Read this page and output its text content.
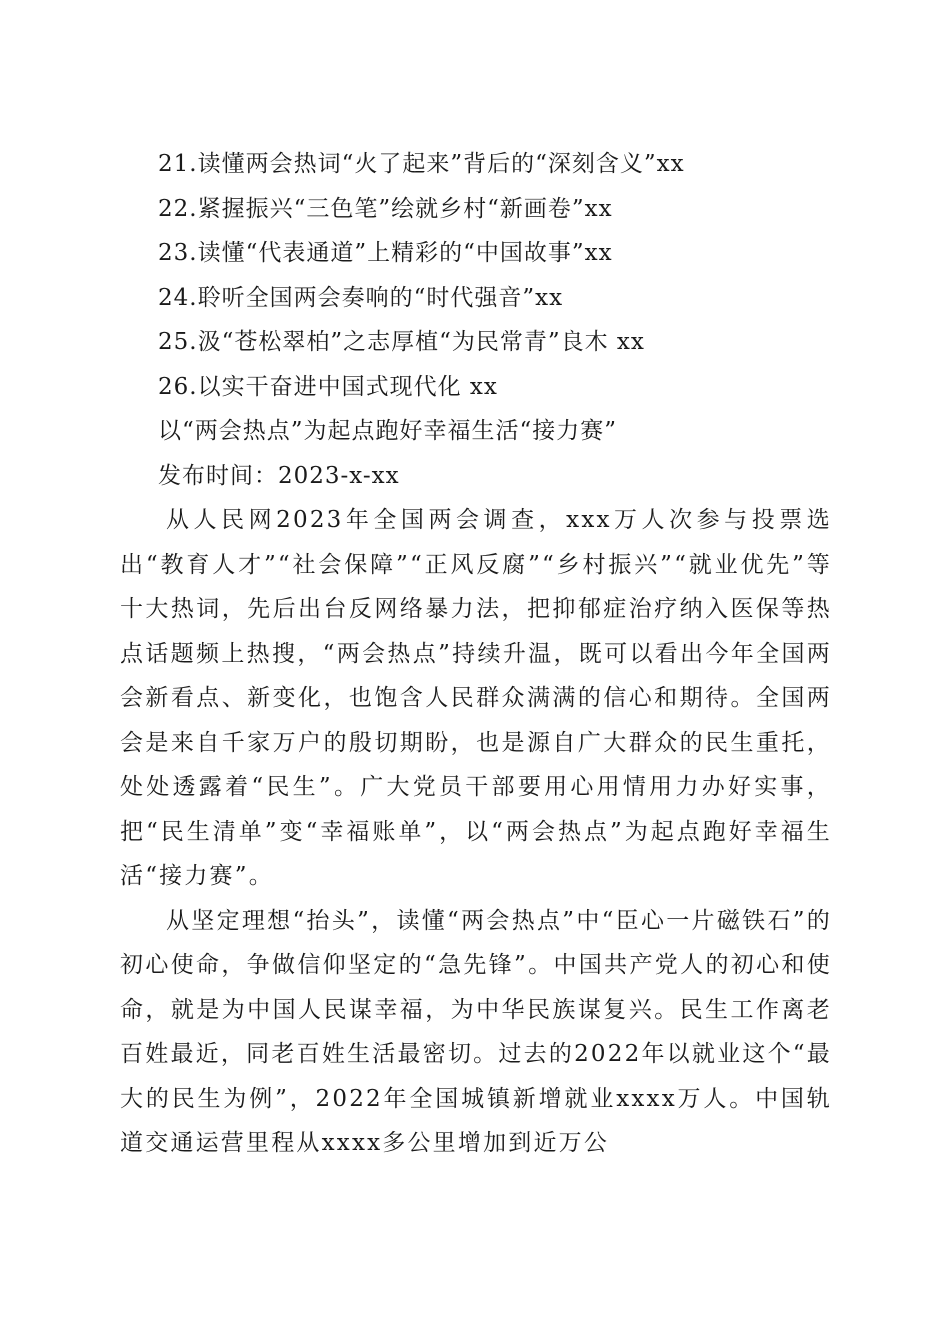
21.读懂两会热词“火了起来”背后的“深刻含义”xx
22.紧握振兴“三色笔”绘就乡村“新画卷”xx
23.读懂“代表通道”上精彩的“中国故事”xx
24.聆听全国两会奏响的“时代强音”xx
25.汲“苍松翠柏”之志厚植“为民常青”良木 xx
26.以实干奋进中国式现代化 xx
以“两会热点”为起点跑好幸福生活“接力赛”
发布时间：2023-x-xx

从人民网2023年全国两会调查，xxx万人次参与投票选出“教育人才”“社会保障”“正风反腐”“乡村振兴”“就业优先”等十大热词，先后出台反网络暴力法，把抑郁症治疗纳入医保等热点话题频上热搜，“两会热点”持续升温，既可以看出今年全国两会新看点、新变化，也饱含人民群众满满的信心和期待。全国两会是来自千家万户的殷切期盼，也是源自广大群众的民生重托，处处透露着“民生”。广大党员干部要用心用情用力办好实事，把“民生清单”变“幸福账单”，以“两会热点”为起点跑好幸福生活“接力赛”。

从坚定理想“抬头”，读懂“两会热点”中“臣心一片磁铁石”的初心使命，争做信仰坚定的“急先锋”。中国共产党人的初心和使命，就是为中国人民谋幸福，为中华民族谋复兴。民生工作离老百姓最近，同老百姓生活最密切。过去的2022年以就业这个“最大的民生为例”，2022年全国城镇新增就业xxxx万人。中国轨道交通运营里程从xxxx多公里增加到近万公
